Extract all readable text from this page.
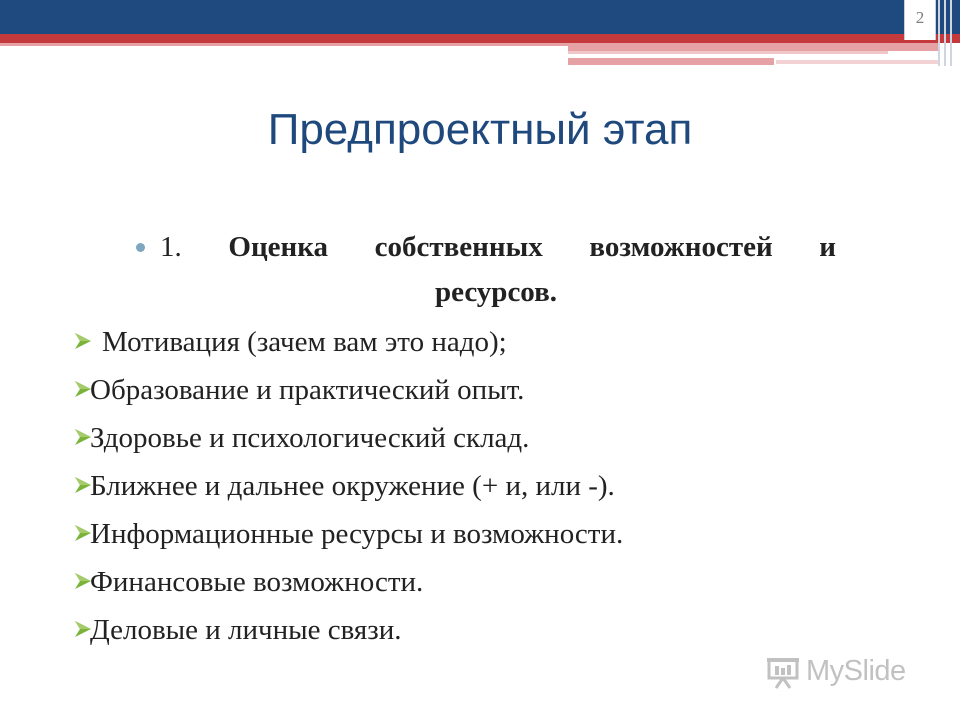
2
Предпроектный этап
1. Оценка собственных возможностей и
ресурсов.
Мотивация (зачем вам это надо);
Образование и практический опыт.
Здоровье и психологический склад.
Ближнее и дальнее окружение (+ и, или -).
Информационные ресурсы и возможности.
Финансовые возможности.
Деловые и личные связи.
MySlide
